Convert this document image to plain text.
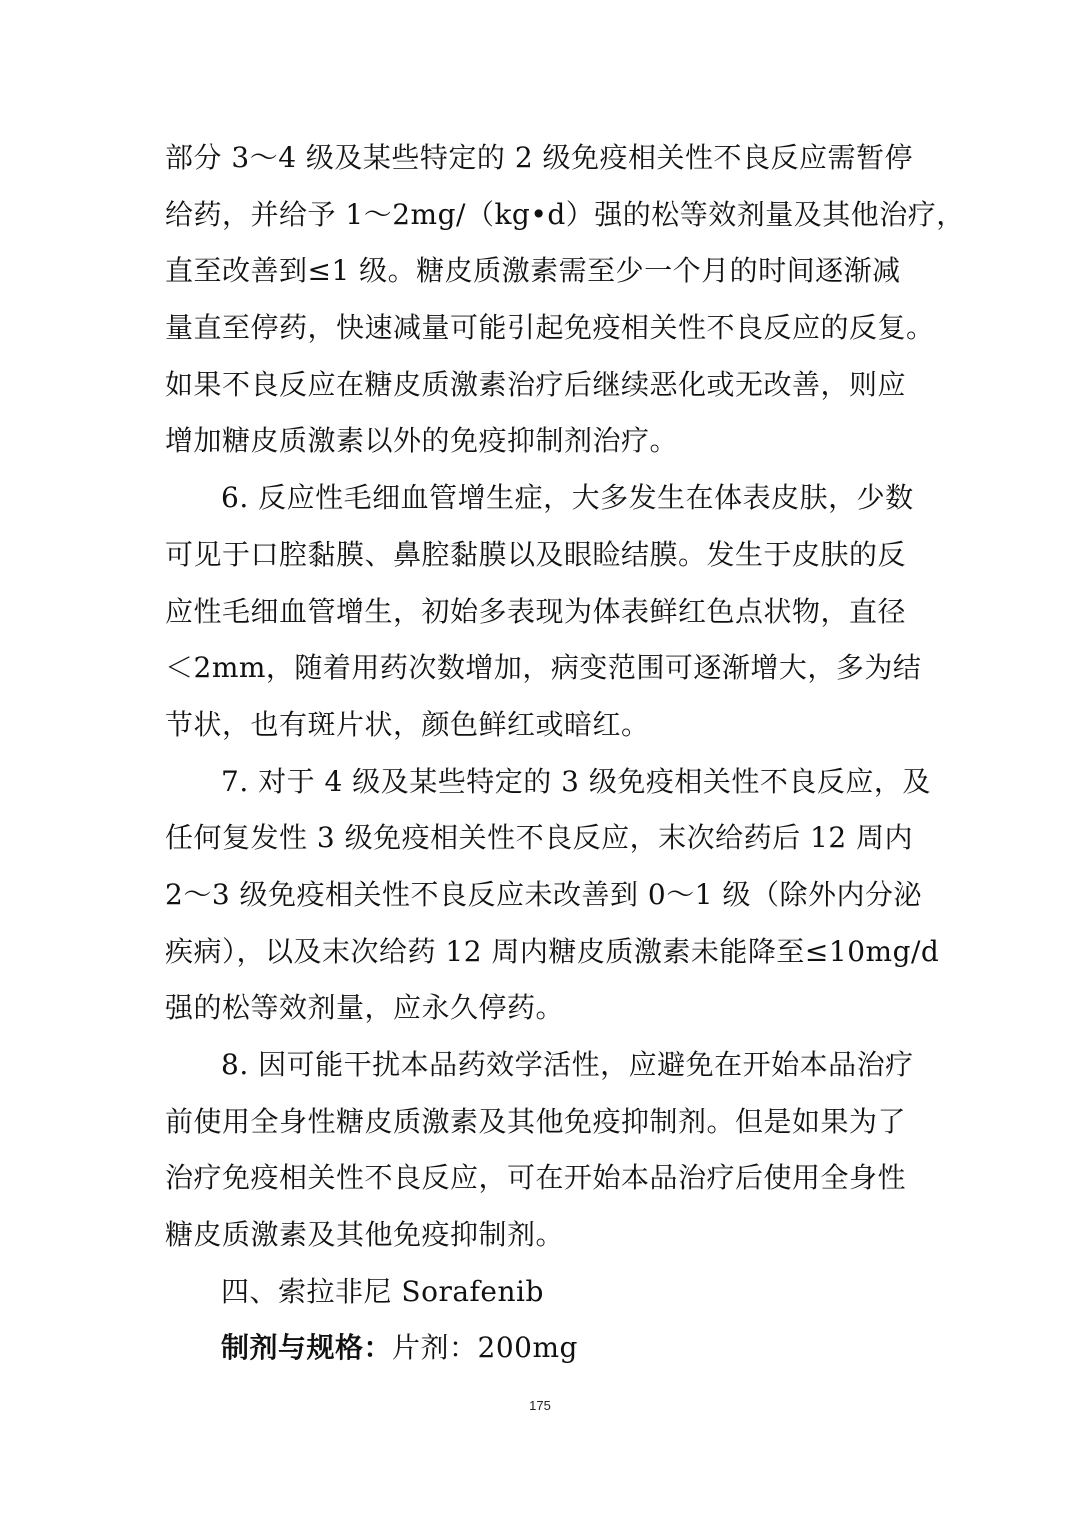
部分 3～4 级及某些特定的 2 级免疫相关性不良反应需暂停
给药，并给予 1～2mg/（kg•d）强的松等效剂量及其他治疗，
直至改善到≤1 级。糖皮质激素需至少一个月的时间逐渐减
量直至停药，快速减量可能引起免疫相关性不良反应的反复。
如果不良反应在糖皮质激素治疗后继续恶化或无改善，则应
增加糖皮质激素以外的免疫抑制剂治疗。
6. 反应性毛细血管增生症，大多发生在体表皮肤，少数
可见于口腔黏膜、鼻腔黏膜以及眼睑结膜。发生于皮肤的反
应性毛细血管增生，初始多表现为体表鲜红色点状物，直径
＜2mm，随着用药次数增加，病变范围可逐渐增大，多为结
节状，也有斑片状，颜色鲜红或暗红。
7. 对于 4 级及某些特定的 3 级免疫相关性不良反应，及
任何复发性 3 级免疫相关性不良反应，末次给药后 12 周内
2～3 级免疫相关性不良反应未改善到 0～1 级（除外内分泌
疾病），以及末次给药 12 周内糖皮质激素未能降至≤10mg/d
强的松等效剂量，应永久停药。
8. 因可能干扰本品药效学活性，应避免在开始本品治疗
前使用全身性糖皮质激素及其他免疫抑制剂。但是如果为了
治疗免疫相关性不良反应，可在开始本品治疗后使用全身性
糖皮质激素及其他免疫抑制剂。
四、索拉非尼 Sorafenib
制剂与规格：片剂：200mg
175
